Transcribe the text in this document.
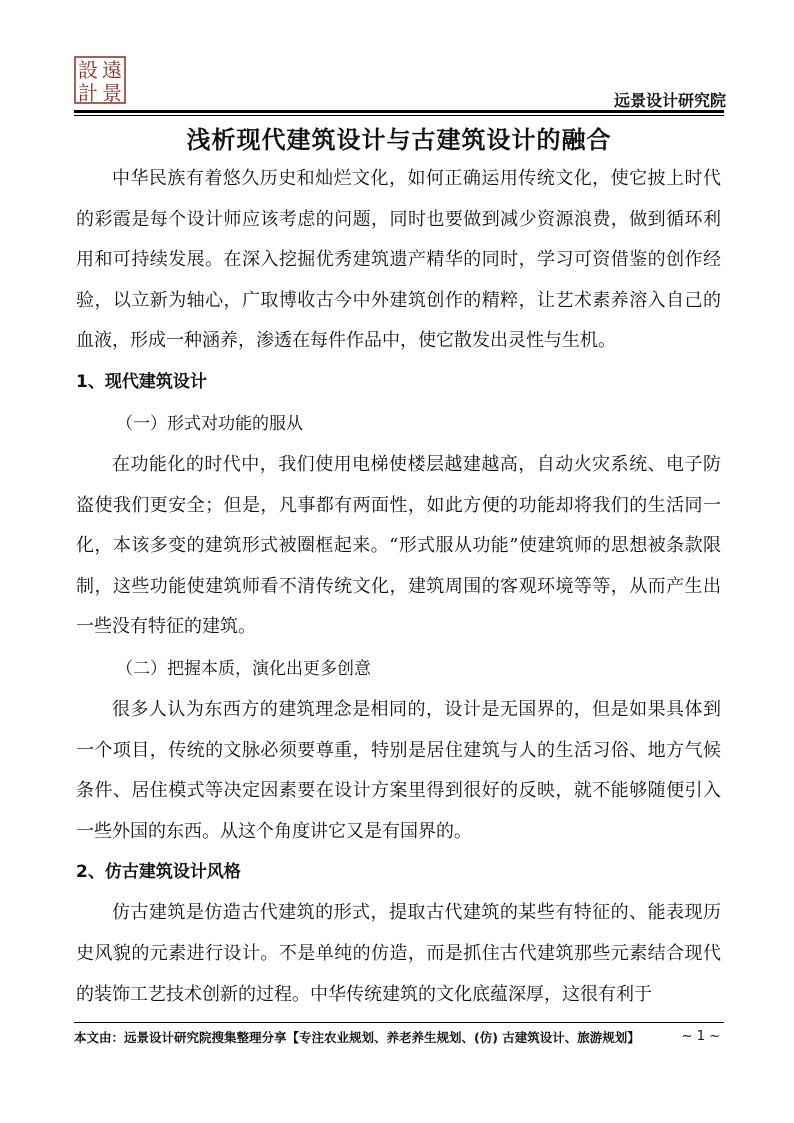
遠
設
景
計	远景设计研究院
浅析现代建筑设计与古建筑设计的融合

中华民族有着悠久历史和灿烂文化，如何正确运用传统文化，使它披上时代的彩霞是每个设计师应该考虑的问题，同时也要做到减少资源浪费，做到循环利用和可持续发展。在深入挖掘优秀建筑遗产精华的同时，学习可资借鉴的创作经验，以立新为轴心，广取博收古今中外建筑创作的精粹，让艺术素养溶入自己的血液，形成一种涵养，渗透在每件作品中，使它散发出灵性与生机。

1、现代建筑设计

（一）形式对功能的服从

在功能化的时代中，我们使用电梯使楼层越建越高，自动火灾系统、电子防盗使我们更安全；但是，凡事都有两面性，如此方便的功能却将我们的生活同一化，本该多变的建筑形式被圈框起来。“形式服从功能”使建筑师的思想被条款限制，这些功能使建筑师看不清传统文化，建筑周围的客观环境等等，从而产生出一些没有特征的建筑。

（二）把握本质，演化出更多创意

很多人认为东西方的建筑理念是相同的，设计是无国界的，但是如果具体到一个项目，传统的文脉必须要尊重，特别是居住建筑与人的生活习俗、地方气候条件、居住模式等决定因素要在设计方案里得到很好的反映，就不能够随便引入一些外国的东西。从这个角度讲它又是有国界的。

2、仿古建筑设计风格

仿古建筑是仿造古代建筑的形式，提取古代建筑的某些有特征的、能表现历史风貌的元素进行设计。不是单纯的仿造，而是抓住古代建筑那些元素结合现代的装饰工艺技术创新的过程。中华传统建筑的文化底蕴深厚，这很有利于

本文由：远景设计研究院搜集整理分享【专注农业规划、养老养生规划、(仿) 古建筑设计、旅游规划】	~ 1 ~
